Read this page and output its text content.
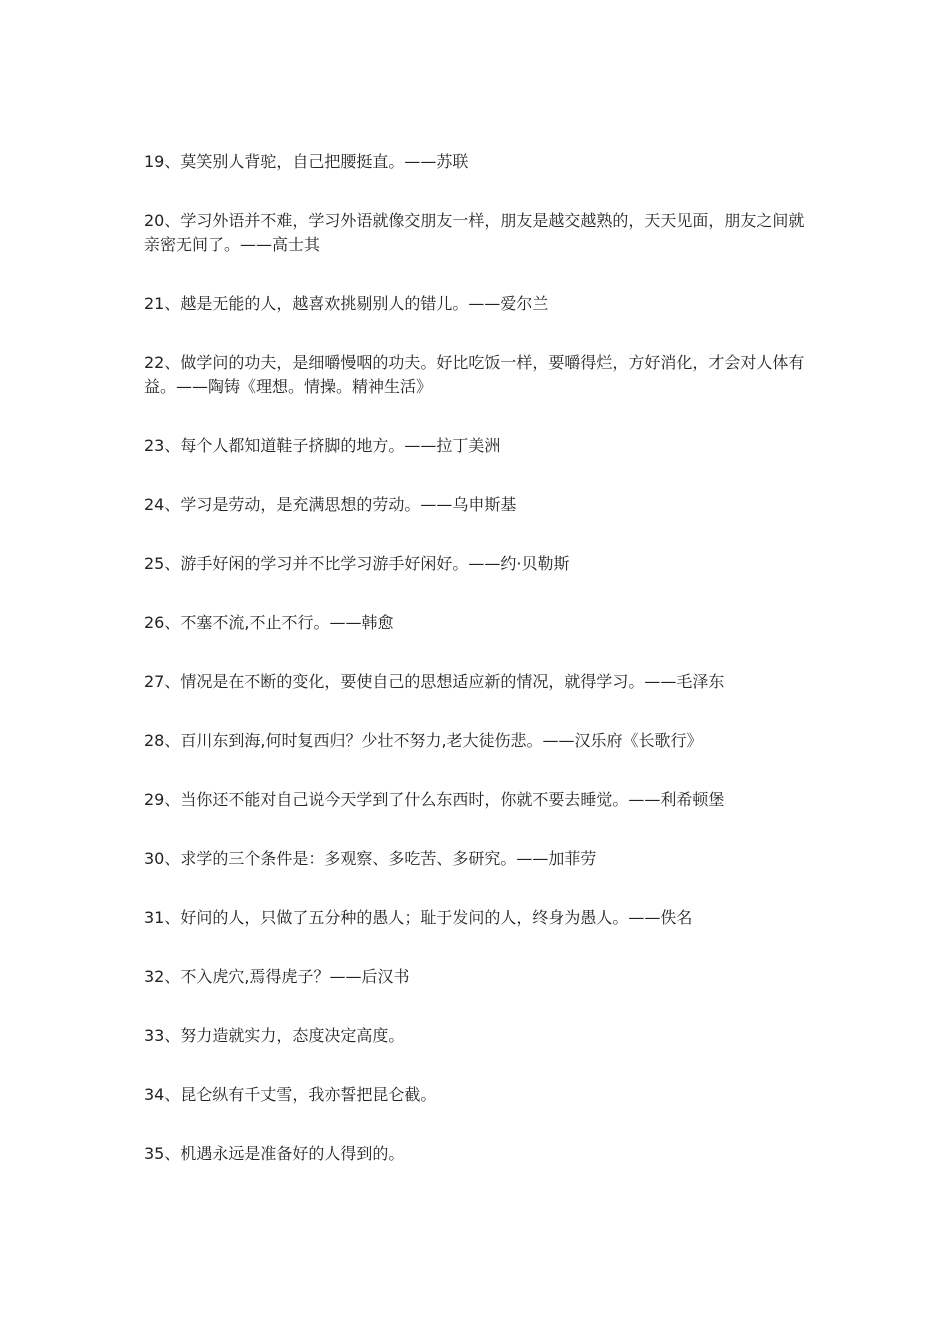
19、莫笑别人背驼，自己把腰挺直。——苏联

20、学习外语并不难，学习外语就像交朋友一样，朋友是越交越熟的，天天见面，朋友之间就亲密无间了。——高士其

21、越是无能的人，越喜欢挑剔别人的错儿。——爱尔兰

22、做学问的功夫，是细嚼慢咽的功夫。好比吃饭一样，要嚼得烂，方好消化，才会对人体有益。——陶铸《理想。情操。精神生活》

23、每个人都知道鞋子挤脚的地方。——拉丁美洲

24、学习是劳动，是充满思想的劳动。——乌申斯基

25、游手好闲的学习并不比学习游手好闲好。——约·贝勒斯

26、不塞不流,不止不行。——韩愈

27、情况是在不断的变化，要使自己的思想适应新的情况，就得学习。——毛泽东

28、百川东到海,何时复西归？少壮不努力,老大徒伤悲。——汉乐府《长歌行》

29、当你还不能对自己说今天学到了什么东西时，你就不要去睡觉。——利希顿堡

30、求学的三个条件是：多观察、多吃苦、多研究。——加菲劳

31、好问的人，只做了五分种的愚人；耻于发问的人，终身为愚人。——佚名

32、不入虎穴,焉得虎子？——后汉书

33、努力造就实力，态度决定高度。

34、昆仑纵有千丈雪，我亦誓把昆仑截。

35、机遇永远是准备好的人得到的。
